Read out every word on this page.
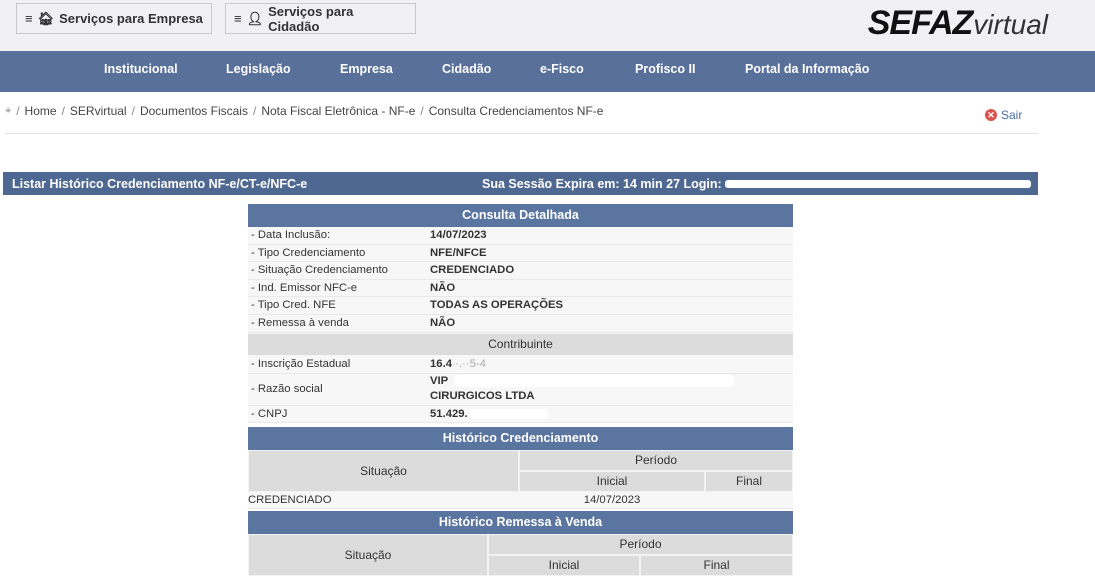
≡ 🏠︎ Serviços para Empresa ≡ 👤︎ Serviços para Cidadão	SEFAZ virtual
Institucional	Legislação	Empresa	Cidadão	e-Fisco	Profisco II	Portal da Informação
⌖ / Home / SERvirtual / Documentos Fiscais / Nota Fiscal Eletrônica - NF-e / Consulta Credenciamentos NF-e	✕ Sair
Listar Histórico Credenciamento NF-e/CT-e/NFC-e	Sua Sessão Expira em: 14 min 27 Login:
Consulta Detalhada
- Data Inclusão:	14/07/2023
- Tipo Credenciamento	NFE/NFCE
- Situação Credenciamento	CREDENCIADO
- Ind. Emissor NFC-e	NÃO
- Tipo Cred. NFE	TODAS AS OPERAÇÕES
- Remessa à venda	NÃO
Contribuinte
- Inscrição Estadual	16.4 ·.··5-4
- Razão social
VIP
CIRURGICOS LTDA
- CNPJ	51.429.
Histórico Credenciamento
Situação
Período
Inicial	Final
CREDENCIADO	14/07/2023
Histórico Remessa à Venda
Situação
Período
Inicial	Final
